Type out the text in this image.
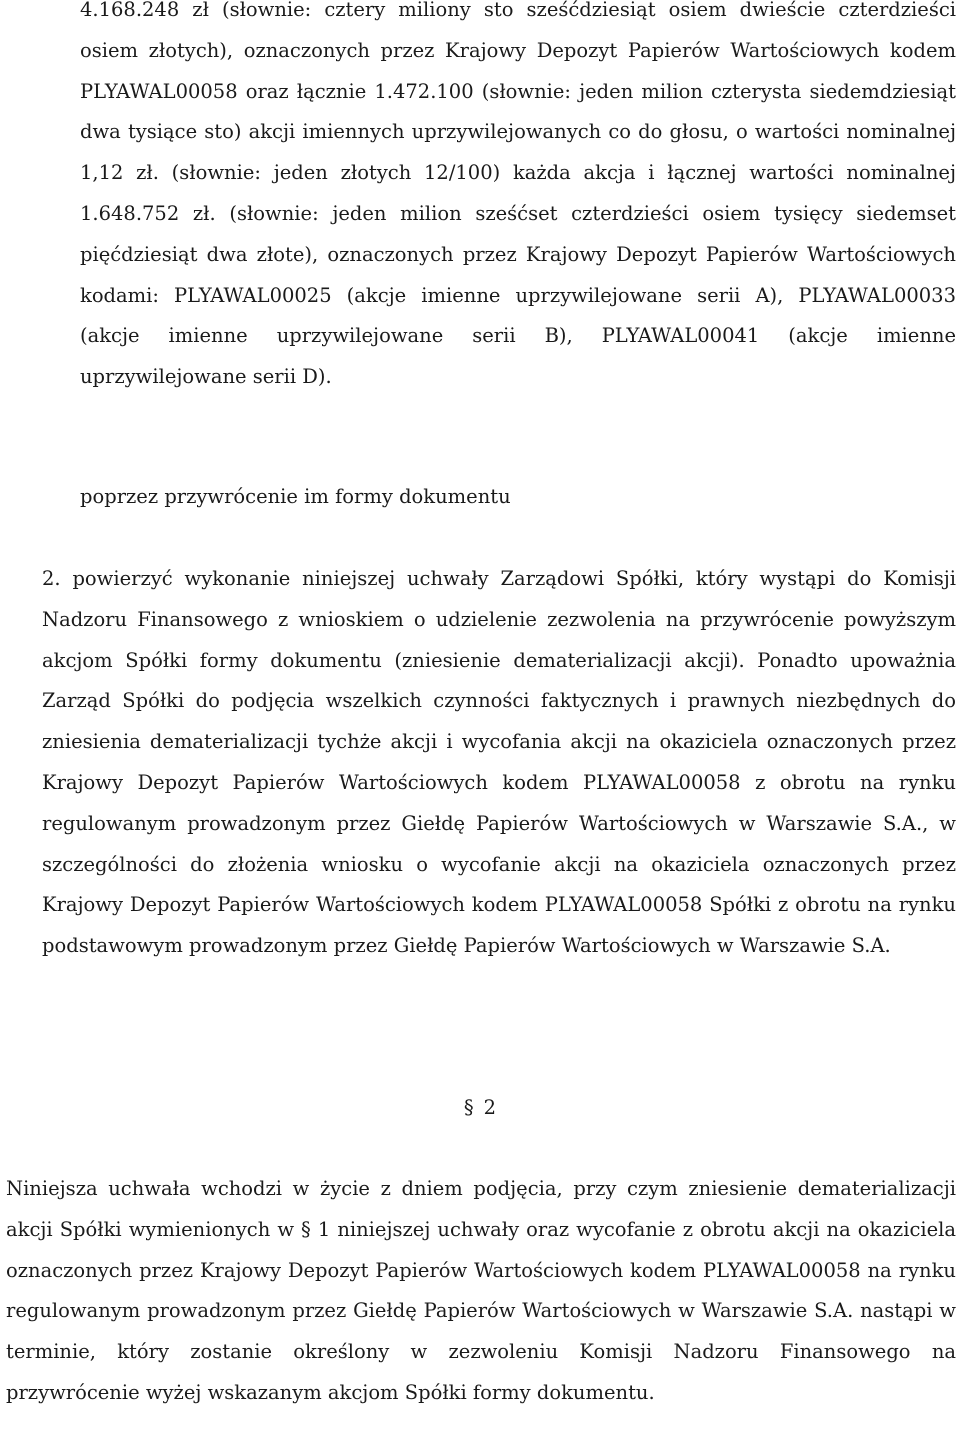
4.168.248 zł (słownie: cztery miliony sto sześćdziesiąt osiem dwieście czterdzieści osiem złotych), oznaczonych przez Krajowy Depozyt Papierów Wartościowych kodem PLYAWAL00058 oraz łącznie 1.472.100 (słownie: jeden milion czterysta siedemdziesiąt dwa tysiące sto) akcji imiennych uprzywilejowanych co do głosu, o wartości nominalnej 1,12 zł. (słownie: jeden złotych 12/100) każda akcja i łącznej wartości nominalnej 1.648.752 zł. (słownie: jeden milion sześćset czterdzieści osiem tysięcy siedemset pięćdziesiąt dwa złote), oznaczonych przez Krajowy Depozyt Papierów Wartościowych kodami: PLYAWAL00025 (akcje imienne uprzywilejowane serii A), PLYAWAL00033 (akcje imienne uprzywilejowane serii B), PLYAWAL00041 (akcje imienne uprzywilejowane serii D).

poprzez przywrócenie im formy dokumentu

2. powierzyć wykonanie niniejszej uchwały Zarządowi Spółki, który wystąpi do Komisji Nadzoru Finansowego z wnioskiem o udzielenie zezwolenia na przywrócenie powyższym akcjom Spółki formy dokumentu (zniesienie dematerializacji akcji). Ponadto upoważnia Zarząd Spółki do podjęcia wszelkich czynności faktycznych i prawnych niezbędnych do zniesienia dematerializacji tychże akcji i wycofania akcji na okaziciela oznaczonych przez Krajowy Depozyt Papierów Wartościowych kodem PLYAWAL00058 z obrotu na rynku regulowanym prowadzonym przez Giełdę Papierów Wartościowych w Warszawie S.A., w szczególności do złożenia wniosku o wycofanie akcji na okaziciela oznaczonych przez Krajowy Depozyt Papierów Wartościowych kodem PLYAWAL00058 Spółki z obrotu na rynku podstawowym prowadzonym przez Giełdę Papierów Wartościowych w Warszawie S.A.

§ 2

Niniejsza uchwała wchodzi w życie z dniem podjęcia, przy czym zniesienie dematerializacji akcji Spółki wymienionych w § 1 niniejszej uchwały oraz wycofanie z obrotu akcji na okaziciela oznaczonych przez Krajowy Depozyt Papierów Wartościowych kodem PLYAWAL00058 na rynku regulowanym prowadzonym przez Giełdę Papierów Wartościowych w Warszawie S.A. nastąpi w terminie, który zostanie określony w zezwoleniu Komisji Nadzoru Finansowego na przywrócenie wyżej wskazanym akcjom Spółki formy dokumentu.
